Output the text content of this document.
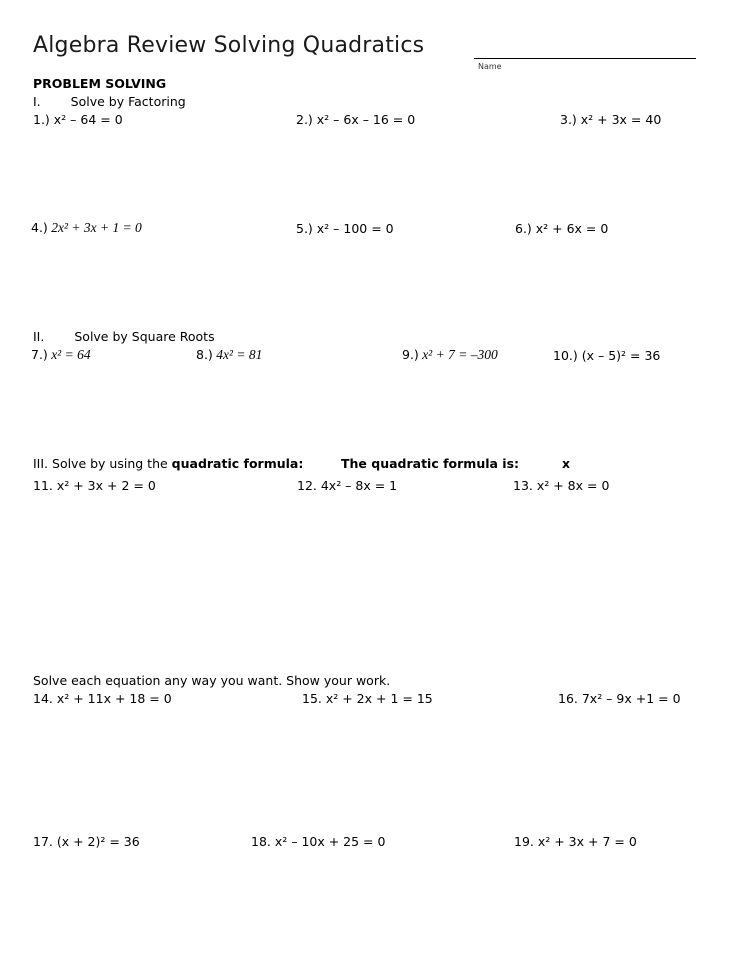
Algebra Review Solving Quadratics
Name
PROBLEM SOLVING
I. Solve by Factoring
1.) x² – 64 = 0	2.) x² – 6x – 16 = 0	3.) x² + 3x = 40
4.) 2x² + 3x + 1 = 0	5.) x² – 100 = 0	6.) x² + 6x = 0
II. Solve by Square Roots
7.) x² = 64	8.) 4x² = 81	9.) x² + 7 = –300	10.) (x – 5)² = 36
III. Solve by using the quadratic formula:	The quadratic formula is:	x
11. x² + 3x + 2 = 0	12. 4x² – 8x = 1	13. x² + 8x = 0
Solve each equation any way you want. Show your work.
14. x² + 11x + 18 = 0	15. x² + 2x + 1 = 15	16. 7x² – 9x +1 = 0
17. (x + 2)² = 36	18. x² – 10x + 25 = 0	19. x² + 3x + 7 = 0
